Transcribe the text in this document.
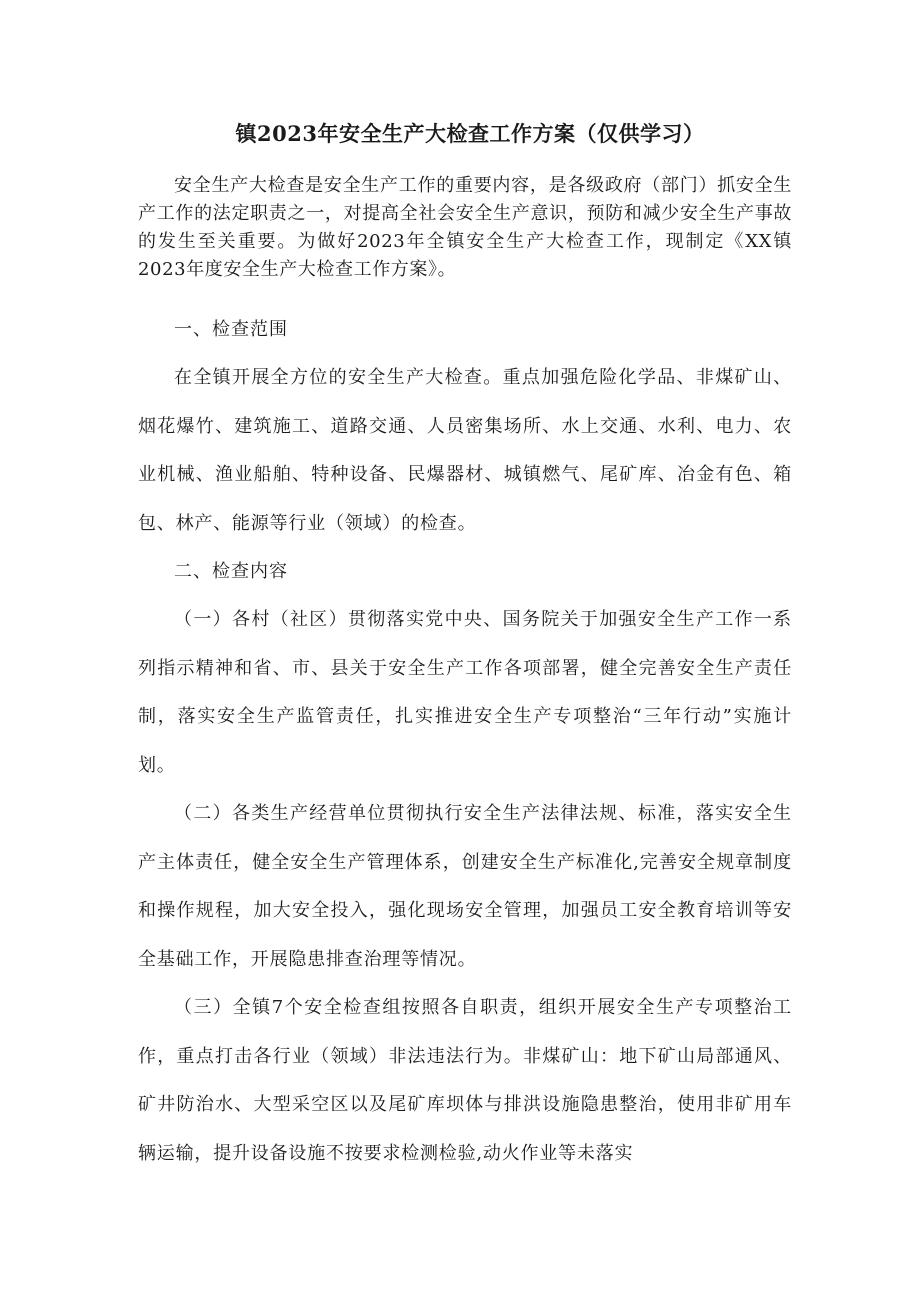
镇2023年安全生产大检查工作方案（仅供学习）

安全生产大检查是安全生产工作的重要内容，是各级政府（部门）抓安全生产工作的法定职责之一，对提高全社会安全生产意识，预防和减少安全生产事故的发生至关重要。为做好2023年全镇安全生产大检查工作，现制定《XX镇2023年度安全生产大检查工作方案》。

一、检查范围

在全镇开展全方位的安全生产大检查。重点加强危险化学品、非煤矿山、烟花爆竹、建筑施工、道路交通、人员密集场所、水上交通、水利、电力、农业机械、渔业船舶、特种设备、民爆器材、城镇燃气、尾矿库、冶金有色、箱包、林产、能源等行业（领域）的检查。

二、检查内容

（一）各村（社区）贯彻落实党中央、国务院关于加强安全生产工作一系列指示精神和省、市、县关于安全生产工作各项部署，健全完善安全生产责任制，落实安全生产监管责任，扎实推进安全生产专项整治“三年行动”实施计划。

（二）各类生产经营单位贯彻执行安全生产法律法规、标准，落实安全生产主体责任，健全安全生产管理体系，创建安全生产标准化,完善安全规章制度和操作规程，加大安全投入，强化现场安全管理，加强员工安全教育培训等安全基础工作，开展隐患排查治理等情况。

（三）全镇7个安全检查组按照各自职责，组织开展安全生产专项整治工作，重点打击各行业（领域）非法违法行为。非煤矿山：地下矿山局部通风、矿井防治水、大型采空区以及尾矿库坝体与排洪设施隐患整治，使用非矿用车辆运输，提升设备设施不按要求检测检验,动火作业等未落实
